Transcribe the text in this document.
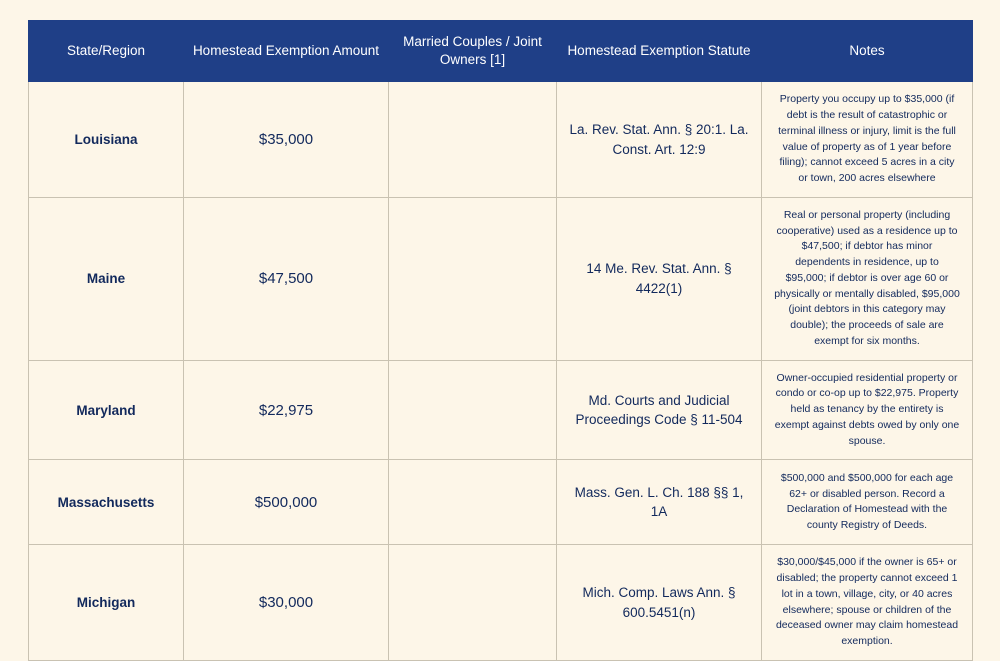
State/Region	Homestead Exemption Amount	Married Couples / Joint Owners [1]	Homestead Exemption Statute	Notes
Louisiana	$35,000		La. Rev. Stat. Ann. § 20:1. La. Const. Art. 12:9	Property you occupy up to $35,000 (if debt is the result of catastrophic or terminal illness or injury, limit is the full value of property as of 1 year before filing); cannot exceed 5 acres in a city or town, 200 acres elsewhere
Maine	$47,500		14 Me. Rev. Stat. Ann. § 4422(1)	Real or personal property (including cooperative) used as a residence up to $47,500; if debtor has minor dependents in residence, up to $95,000; if debtor is over age 60 or physically or mentally disabled, $95,000 (joint debtors in this category may double); the proceeds of sale are exempt for six months.
Maryland	$22,975		Md. Courts and Judicial Proceedings Code § 11-504	Owner-occupied residential property or condo or co-op up to $22,975. Property held as tenancy by the entirety is exempt against debts owed by only one spouse.
Massachusetts	$500,000		Mass. Gen. L. Ch. 188 §§ 1, 1A	$500,000 and $500,000 for each age 62+ or disabled person. Record a Declaration of Homestead with the county Registry of Deeds.
Michigan	$30,000		Mich. Comp. Laws Ann. § 600.5451(n)	$30,000/$45,000 if the owner is 65+ or disabled; the property cannot exceed 1 lot in a town, village, city, or 40 acres elsewhere; spouse or children of the deceased owner may claim homestead exemption.
